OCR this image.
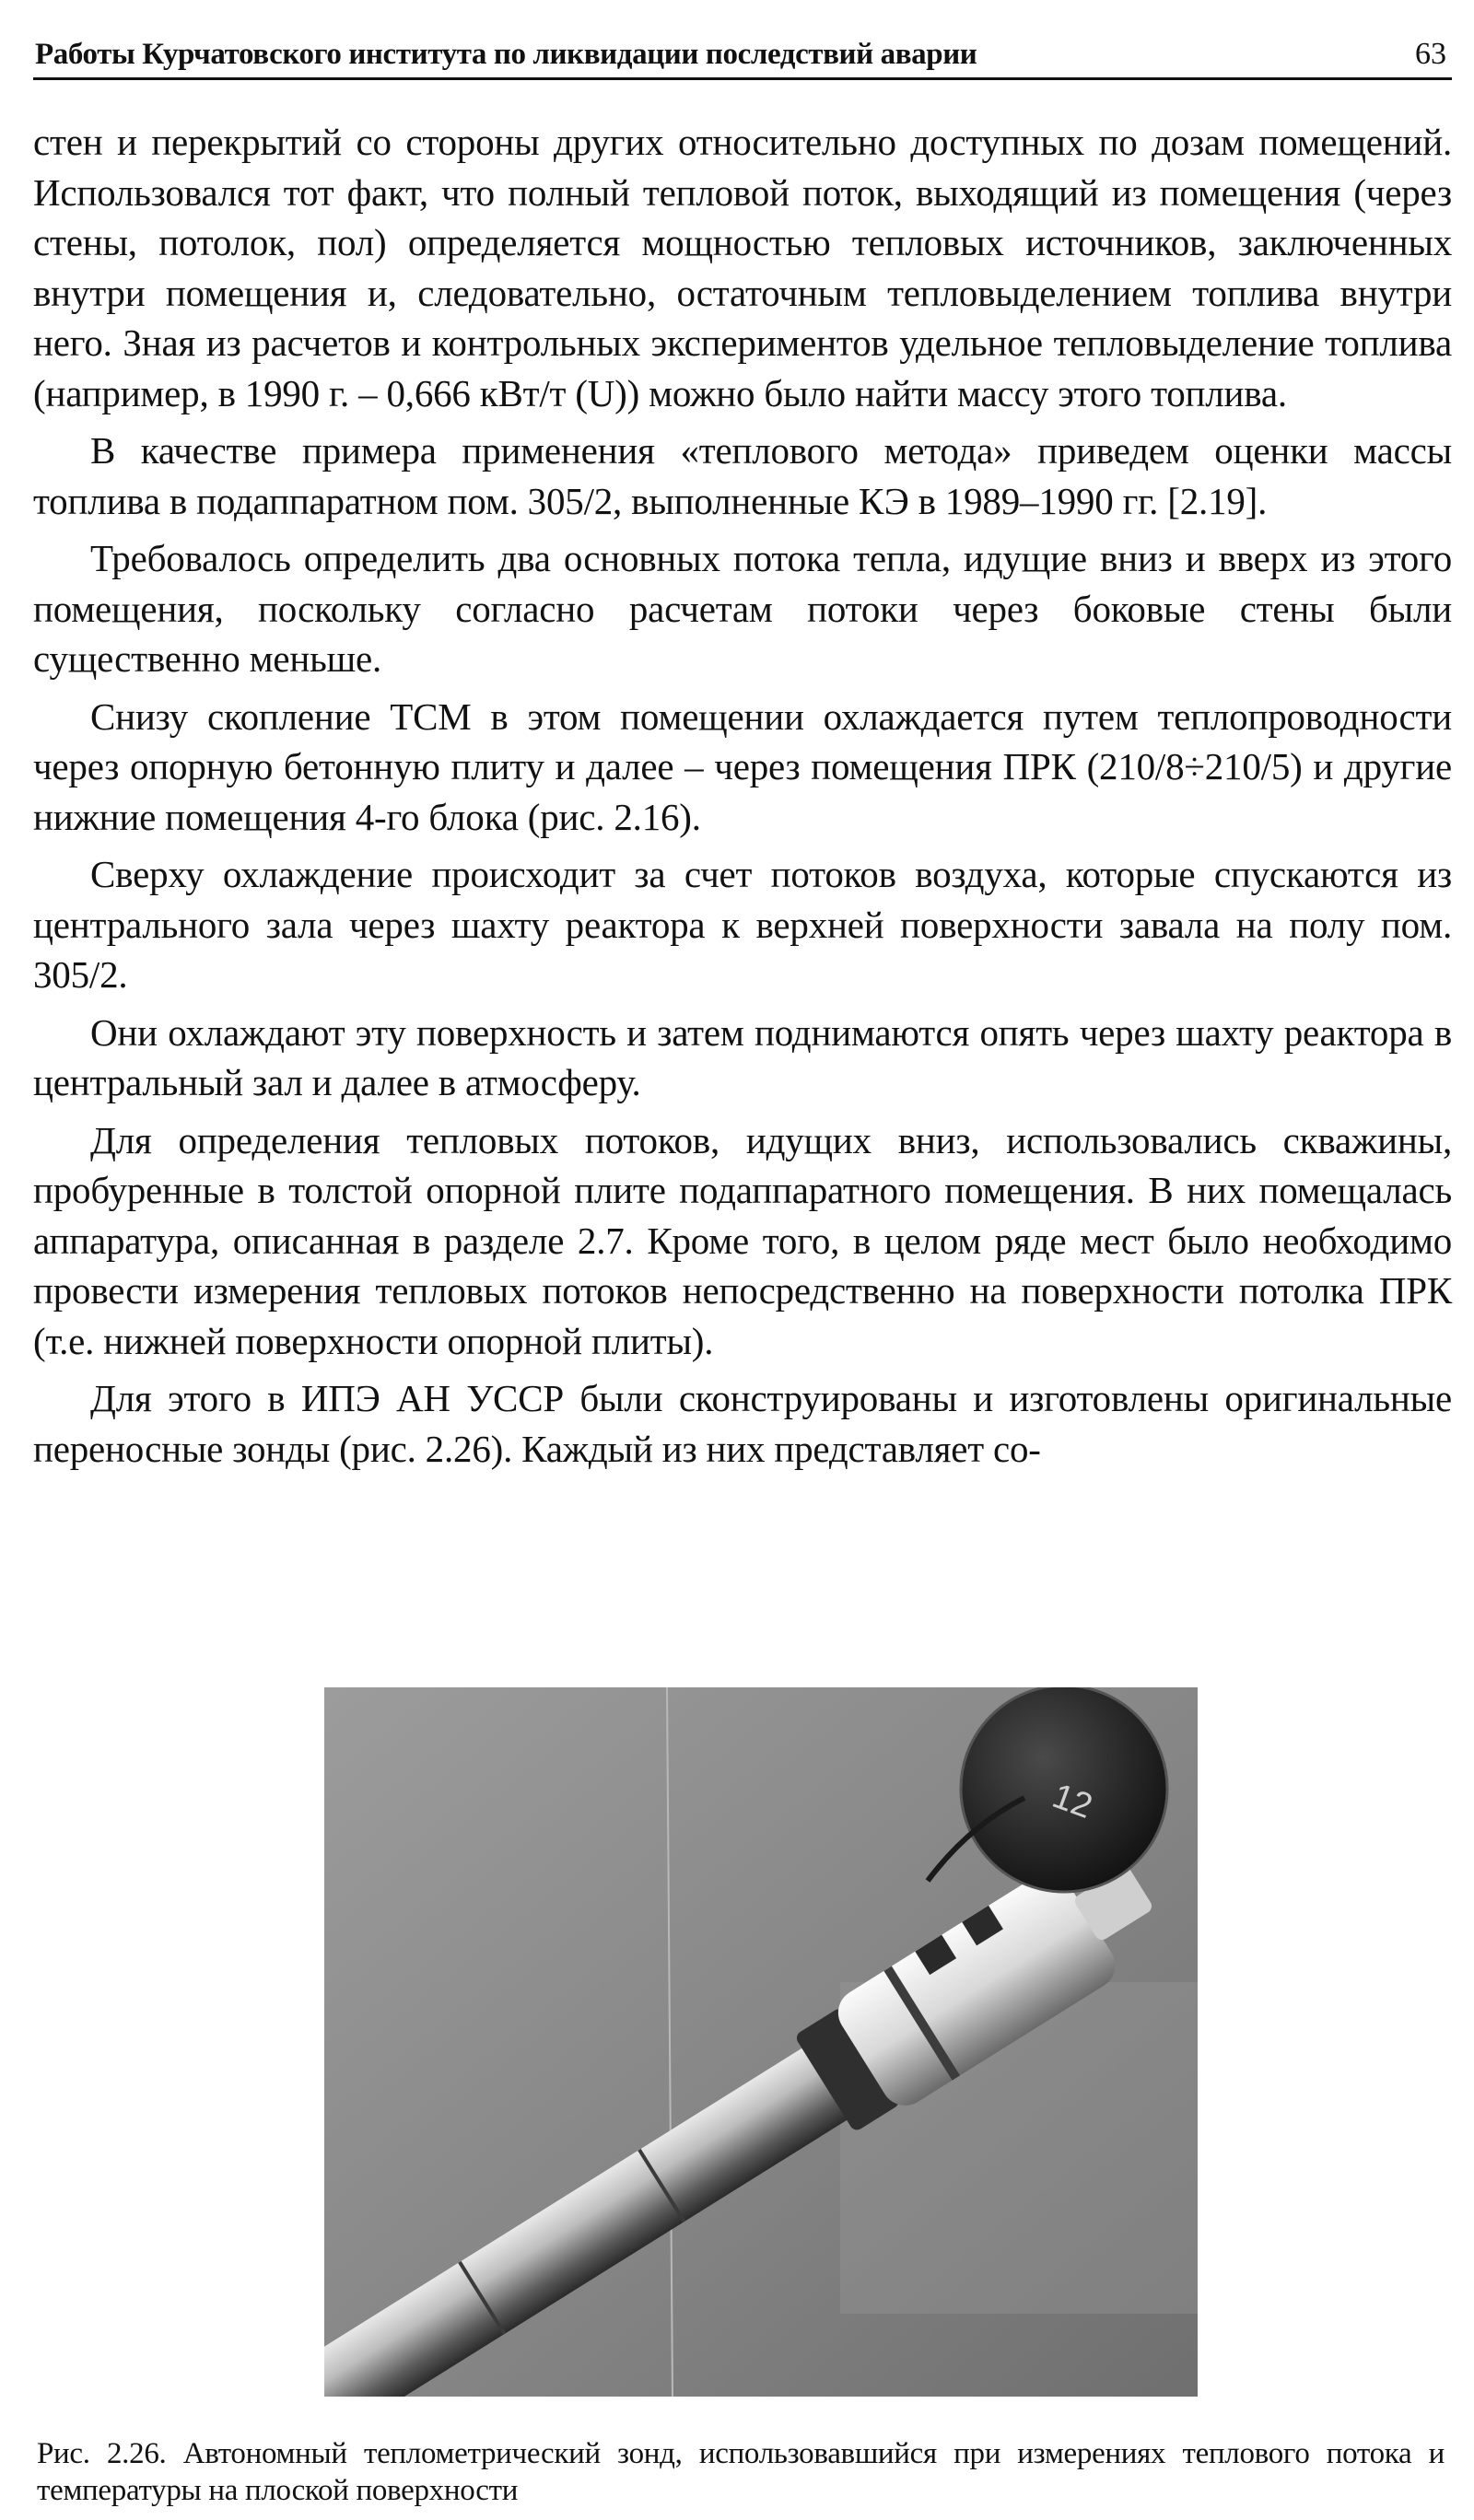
Работы Курчатовского института по ликвидации последствий аварии	63

стен и перекрытий со стороны других относительно доступных по дозам помещений. Использовался тот факт, что полный тепловой поток, выходящий из помещения (через стены, потолок, пол) определяется мощностью тепловых источников, заключенных внутри помещения и, следовательно, остаточным тепловыделением топлива внутри него. Зная из расчетов и контрольных экспериментов удельное тепловыделение топлива (например, в 1990 г. – 0,666 кВт/т (U)) можно было найти массу этого топлива.

В качестве примера применения «теплового метода» приведем оценки массы топлива в подаппаратном пом. 305/2, выполненные КЭ в 1989–1990 гг. [2.19].

Требовалось определить два основных потока тепла, идущие вниз и вверх из этого помещения, поскольку согласно расчетам потоки через боковые стены были существенно меньше.

Снизу скопление ТСМ в этом помещении охлаждается путем теплопроводности через опорную бетонную плиту и далее – через помещения ПРК (210/8÷210/5) и другие нижние помещения 4-го блока (рис. 2.16).

Сверху охлаждение происходит за счет потоков воздуха, которые спускаются из центрального зала через шахту реактора к верхней поверхности завала на полу пом. 305/2.

Они охлаждают эту поверхность и затем поднимаются опять через шахту реактора в центральный зал и далее в атмосферу.

Для определения тепловых потоков, идущих вниз, использовались скважины, пробуренные в толстой опорной плите подаппаратного помещения. В них помещалась аппаратура, описанная в разделе 2.7. Кроме того, в целом ряде мест было необходимо провести измерения тепловых потоков непосредственно на поверхности потолка ПРК (т.е. нижней поверхности опорной плиты).

Для этого в ИПЭ АН УССР были сконструированы и изготовлены оригинальные переносные зонды (рис. 2.26). Каждый из них представляет со-

12
Рис. 2.26. Автономный теплометрический зонд, использовавшийся при измерениях теплового потока и температуры на плоской поверхности
